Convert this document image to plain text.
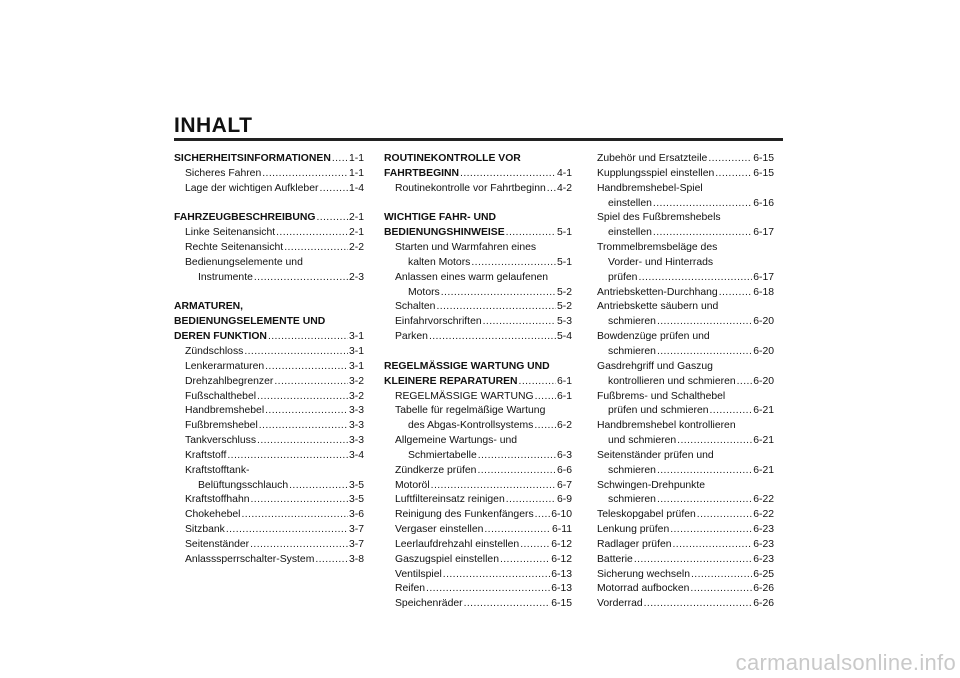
INHALT
SICHERHEITSINFORMATIONEN ..... 1-1
Sicheres Fahren .....	1-1
Lage der wichtigen Aufkleber .....	1-4
FAHRZEUGBESCHREIBUNG .....	2-1
Linke Seitenansicht .....	2-1
Rechte Seitenansicht .....	2-2
Bedienungselemente und
Instrumente .....	2-3
ARMATUREN,
BEDIENUNGSELEMENTE UND
DEREN FUNKTION .....	3-1
Zündschloss .....	3-1
Lenkerarmaturen .....	3-1
Drehzahlbegrenzer .....	3-2
Fußschalthebel .....	3-2
Handbremshebel .....	3-3
Fußbremshebel .....	3-3
Tankverschluss .....	3-3
Kraftstoff .....	3-4
Kraftstofftank-
Belüftungsschlauch .....	3-5
Kraftstoffhahn .....	3-5
Chokehebel .....	3-6
Sitzbank .....	3-7
Seitenständer .....	3-7
Anlasssperrschalter-System .....	3-8
ROUTINEKONTROLLE VOR
FAHRTBEGINN .....	4-1
Routinekontrolle vor Fahrtbeginn ..... 4-2
WICHTIGE FAHR- UND
BEDIENUNGSHINWEISE .....	5-1
Starten und Warmfahren eines
kalten Motors .....	5-1
Anlassen eines warm gelaufenen
Motors .....	5-2
Schalten .....	5-2
Einfahrvorschriften .....	5-3
Parken .....	5-4
REGELMÄSSIGE WARTUNG UND
KLEINERE REPARATUREN .....	6-1
REGELMÄSSIGE WARTUNG ..... 6-1
Tabelle für regelmäßige Wartung
des Abgas-Kontrollsystems ..... 6-2
Allgemeine Wartungs- und
Schmiertabelle .....	6-3
Zündkerze prüfen .....	6-6
Motoröl .....	6-7
Luftfiltereinsatz reinigen .....	6-9
Reinigung des Funkenfängers ..... 6-10
Vergaser einstellen .....	6-11
Leerlaufdrehzahl einstellen .....	6-12
Gaszugspiel einstellen .....	6-12
Ventilspiel .....	6-13
Reifen .....	6-13
Speichenräder .....	6-15
Zubehör und Ersatzteile .....	6-15
Kupplungsspiel einstellen .....	6-15
Handbremshebel-Spiel
einstellen .....	6-16
Spiel des Fußbremshebels
einstellen .....	6-17
Trommelbremsbeläge des
Vorder- und Hinterrads
prüfen .....	6-17
Antriebsketten-Durchhang .....	6-18
Antriebskette säubern und
schmieren .....	6-20
Bowdenzüge prüfen und
schmieren .....	6-20
Gasdrehgriff und Gaszug
kontrollieren und schmieren ..... 6-20
Fußbrems- und Schalthebel
prüfen und schmieren .....	6-21
Handbremshebel kontrollieren
und schmieren .....	6-21
Seitenständer prüfen und
schmieren .....	6-21
Schwingen-Drehpunkte
schmieren .....	6-22
Teleskopgabel prüfen .....	6-22
Lenkung prüfen .....	6-23
Radlager prüfen .....	6-23
Batterie .....	6-23
Sicherung wechseln .....	6-25
Motorrad aufbocken .....	6-26
Vorderrad .....	6-26
carmanualsonline.info
